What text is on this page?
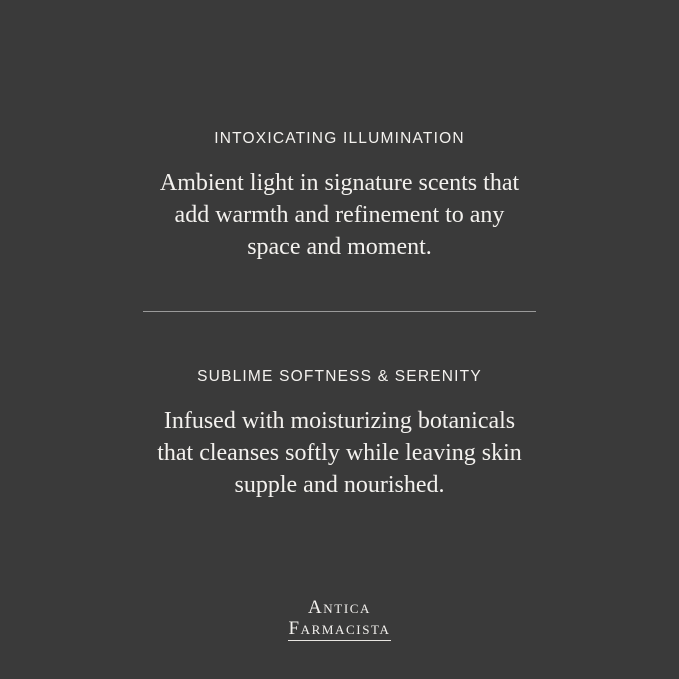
INTOXICATING ILLUMINATION
Ambient light in signature scents that
add warmth and refinement to any
space and moment.
SUBLIME SOFTNESS & SERENITY
Infused with moisturizing botanicals
that cleanses softly while leaving skin
supple and nourished.
Antica
Farmacista
